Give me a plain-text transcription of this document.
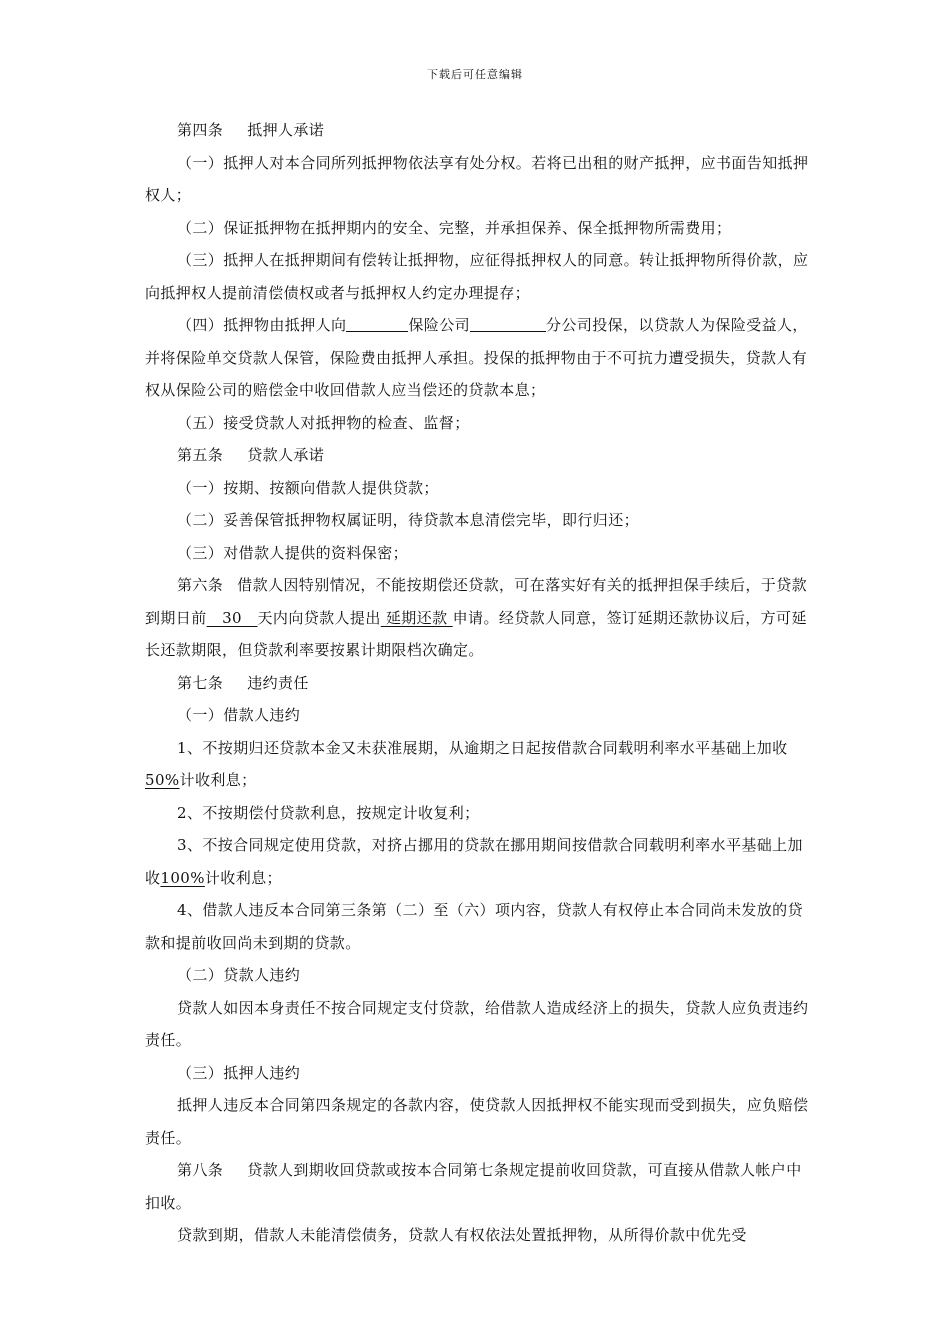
下载后可任意编辑

第四条 抵押人承诺

（一）抵押人对本合同所列抵押物依法享有处分权。若将已出租的财产抵押，应书面告知抵押权人；

（二）保证抵押物在抵押期内的安全、完整，并承担保养、保全抵押物所需费用；

（三）抵押人在抵押期间有偿转让抵押物，应征得抵押权人的同意。转让抵押物所得价款，应向抵押权人提前清偿债权或者与抵押权人约定办理提存；

（四）抵押物由抵押人向	保险公司	分公司投保，以贷款人为保险受益人，并将保险单交贷款人保管，保险费由抵押人承担。投保的抵押物由于不可抗力遭受损失，贷款人有权从保险公司的赔偿金中收回借款人应当偿还的贷款本息；

（五）接受贷款人对抵押物的检查、监督；

第五条 贷款人承诺

（一）按期、按额向借款人提供贷款；

（二）妥善保管抵押物权属证明，待贷款本息清偿完毕，即行归还；

（三）对借款人提供的资料保密；

第六条 借款人因特别情况，不能按期偿还贷款，可在落实好有关的抵押担保手续后，于贷款到期日前   30   天内向贷款人提出 延期还款 申请。经贷款人同意，签订延期还款协议后，方可延长还款期限，但贷款利率要按累计期限档次确定。

第七条 违约责任

（一）借款人违约

1、不按期归还贷款本金又未获准展期，从逾期之日起按借款合同载明利率水平基础上加收50%计收利息；

2、不按期偿付贷款利息，按规定计收复利；

3、不按合同规定使用贷款，对挤占挪用的贷款在挪用期间按借款合同载明利率水平基础上加收100%计收利息；

4、借款人违反本合同第三条第（二）至（六）项内容，贷款人有权停止本合同尚未发放的贷款和提前收回尚未到期的贷款。

（二）贷款人违约

贷款人如因本身责任不按合同规定支付贷款，给借款人造成经济上的损失，贷款人应负责违约责任。

（三）抵押人违约

抵押人违反本合同第四条规定的各款内容，使贷款人因抵押权不能实现而受到损失，应负赔偿责任。

第八条 贷款人到期收回贷款或按本合同第七条规定提前收回贷款，可直接从借款人帐户中扣收。

贷款到期，借款人未能清偿债务，贷款人有权依法处置抵押物，从所得价款中优先受
